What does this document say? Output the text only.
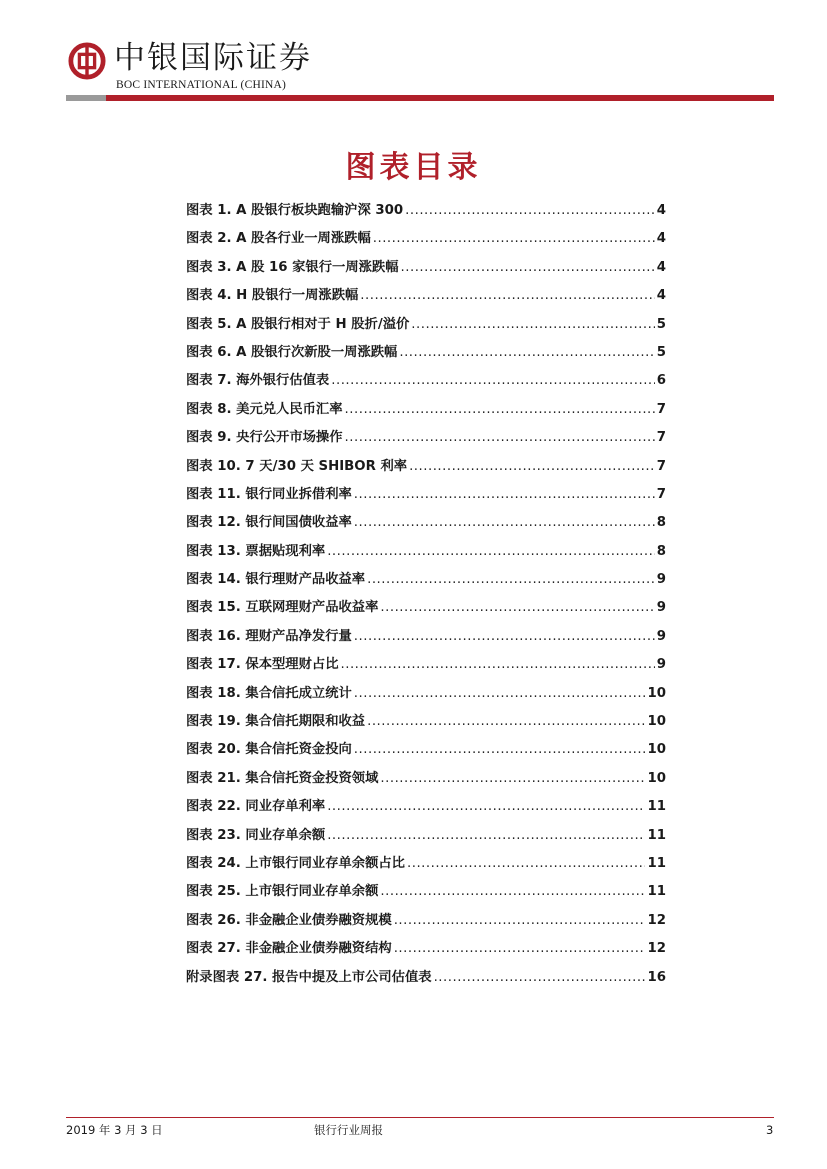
中银国际证券
BOC INTERNATIONAL (CHINA)
图表目录
图表 1. A 股银行板块跑输沪深 300 .....	4
图表 2. A 股各行业一周涨跌幅 .....	4
图表 3. A 股 16 家银行一周涨跌幅 .....	4
图表 4. H 股银行一周涨跌幅 .....	4
图表 5. A 股银行相对于 H 股折/溢价 .....	5
图表 6. A 股银行次新股一周涨跌幅 .....	5
图表 7. 海外银行估值表 .....	6
图表 8. 美元兑人民币汇率 .....	7
图表 9. 央行公开市场操作 .....	7
图表 10. 7 天/30 天 SHIBOR 利率 .....	7
图表 11. 银行同业拆借利率 .....	7
图表 12. 银行间国债收益率 .....	8
图表 13. 票据贴现利率 .....	8
图表 14. 银行理财产品收益率 .....	9
图表 15. 互联网理财产品收益率 .....	9
图表 16. 理财产品净发行量 .....	9
图表 17. 保本型理财占比 .....	9
图表 18. 集合信托成立统计 .....	10
图表 19. 集合信托期限和收益 .....	10
图表 20. 集合信托资金投向 .....	10
图表 21. 集合信托资金投资领域 .....	10
图表 22. 同业存单利率 .....	11
图表 23. 同业存单余额 .....	11
图表 24. 上市银行同业存单余额占比 .....	11
图表 25. 上市银行同业存单余额 .....	11
图表 26. 非金融企业债券融资规模 .....	12
图表 27. 非金融企业债券融资结构 .....	12
附录图表 27. 报告中提及上市公司估值表 .....	16
2019 年 3 月 3 日	银行行业周报	3
